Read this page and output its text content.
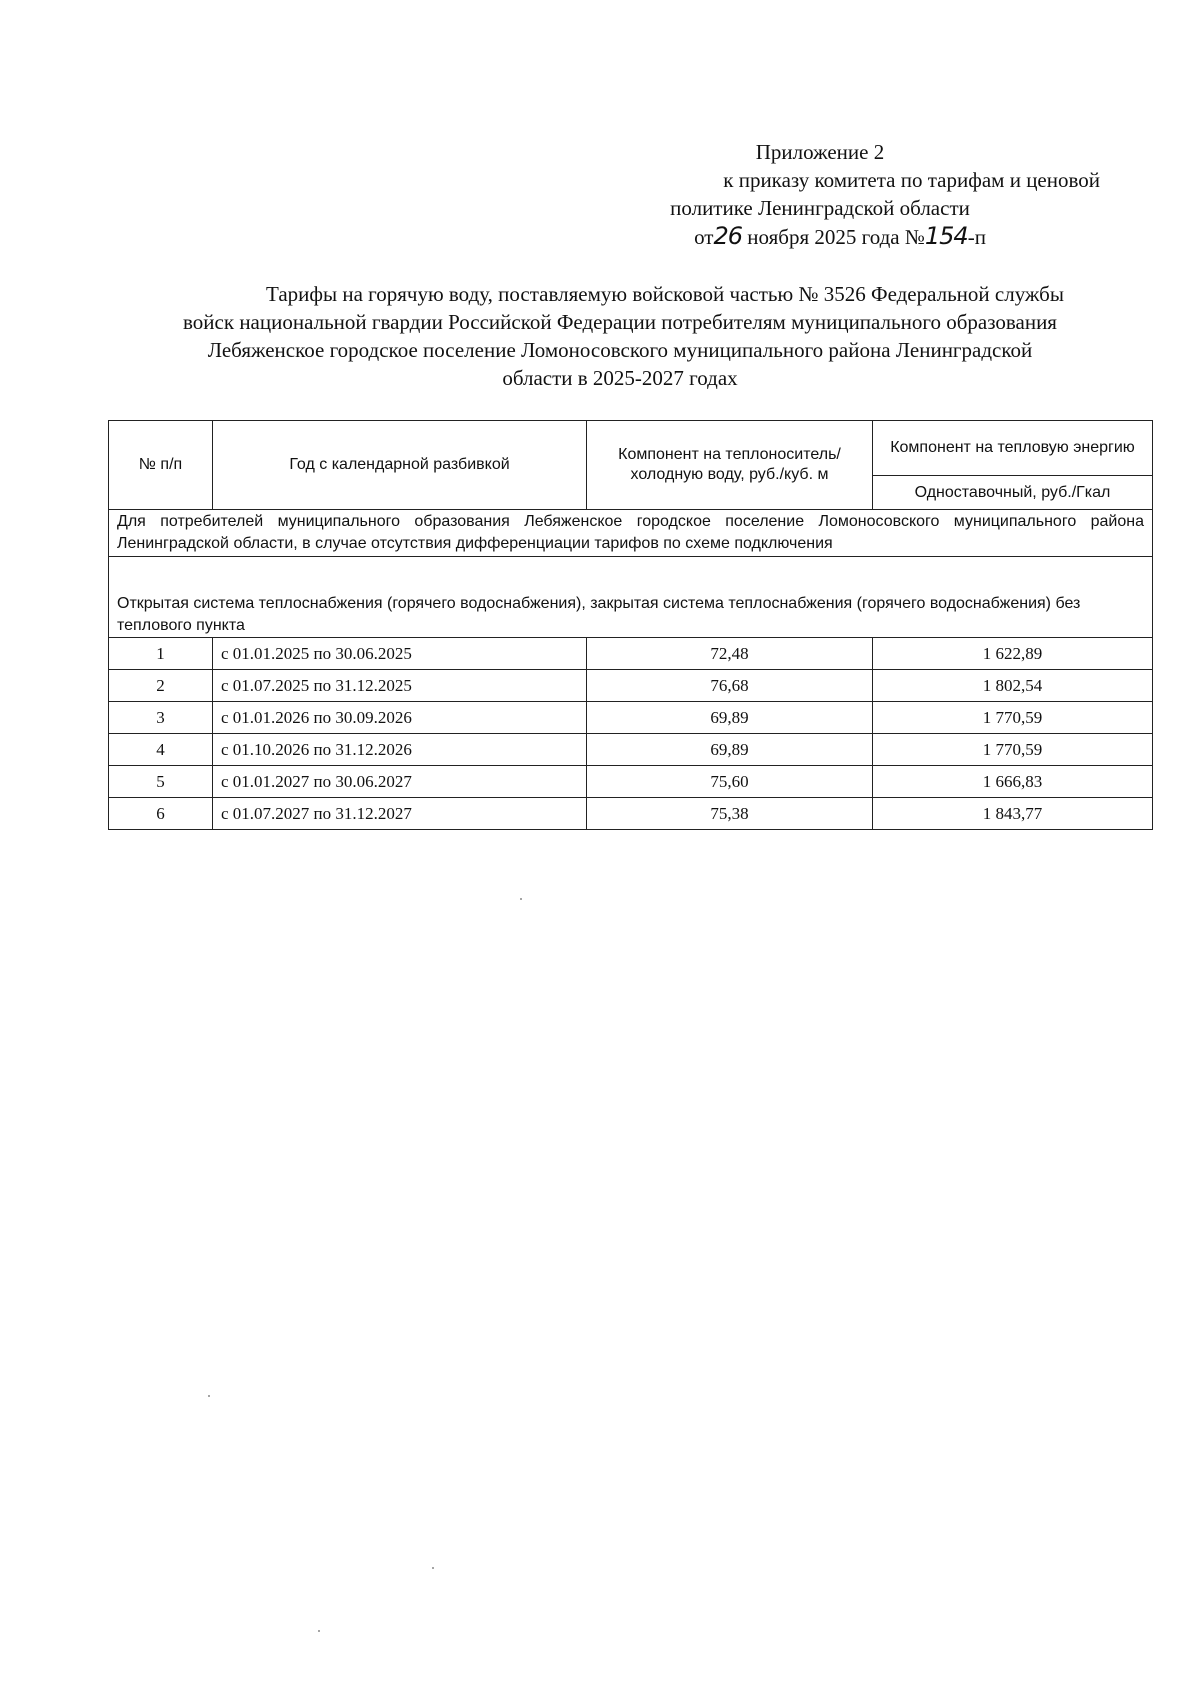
Приложение 2
к приказу комитета по тарифам и ценовой
политике Ленинградской области
от26 ноября 2025 года №154-п
Тарифы на горячую воду, поставляемую войсковой частью № 3526 Федеральной службы
войск национальной гвардии Российской Федерации потребителям муниципального образования
Лебяженское городское поселение Ломоносовского муниципального района Ленинградской
области в 2025-2027 годах
№ п/п	Год с календарной разбивкой	Компонент на теплоноситель/ холодную воду, руб./куб. м	Компонент на тепловую энергию
			Одноставочный, руб./Гкал
Для потребителей муниципального образования Лебяженское городское поселение Ломоносовского муниципального района Ленинградской области, в случае отсутствия дифференциации тарифов по схеме подключения			
Открытая система теплоснабжения (горячего водоснабжения), закрытая система теплоснабжения (горячего водоснабжения) без теплового пункта			
1	с 01.01.2025 по 30.06.2025	72,48	1 622,89
2	с 01.07.2025 по 31.12.2025	76,68	1 802,54
3	с 01.01.2026 по 30.09.2026	69,89	1 770,59
4	с 01.10.2026 по 31.12.2026	69,89	1 770,59
5	с 01.01.2027 по 30.06.2027	75,60	1 666,83
6	с 01.07.2027 по 31.12.2027	75,38	1 843,77
